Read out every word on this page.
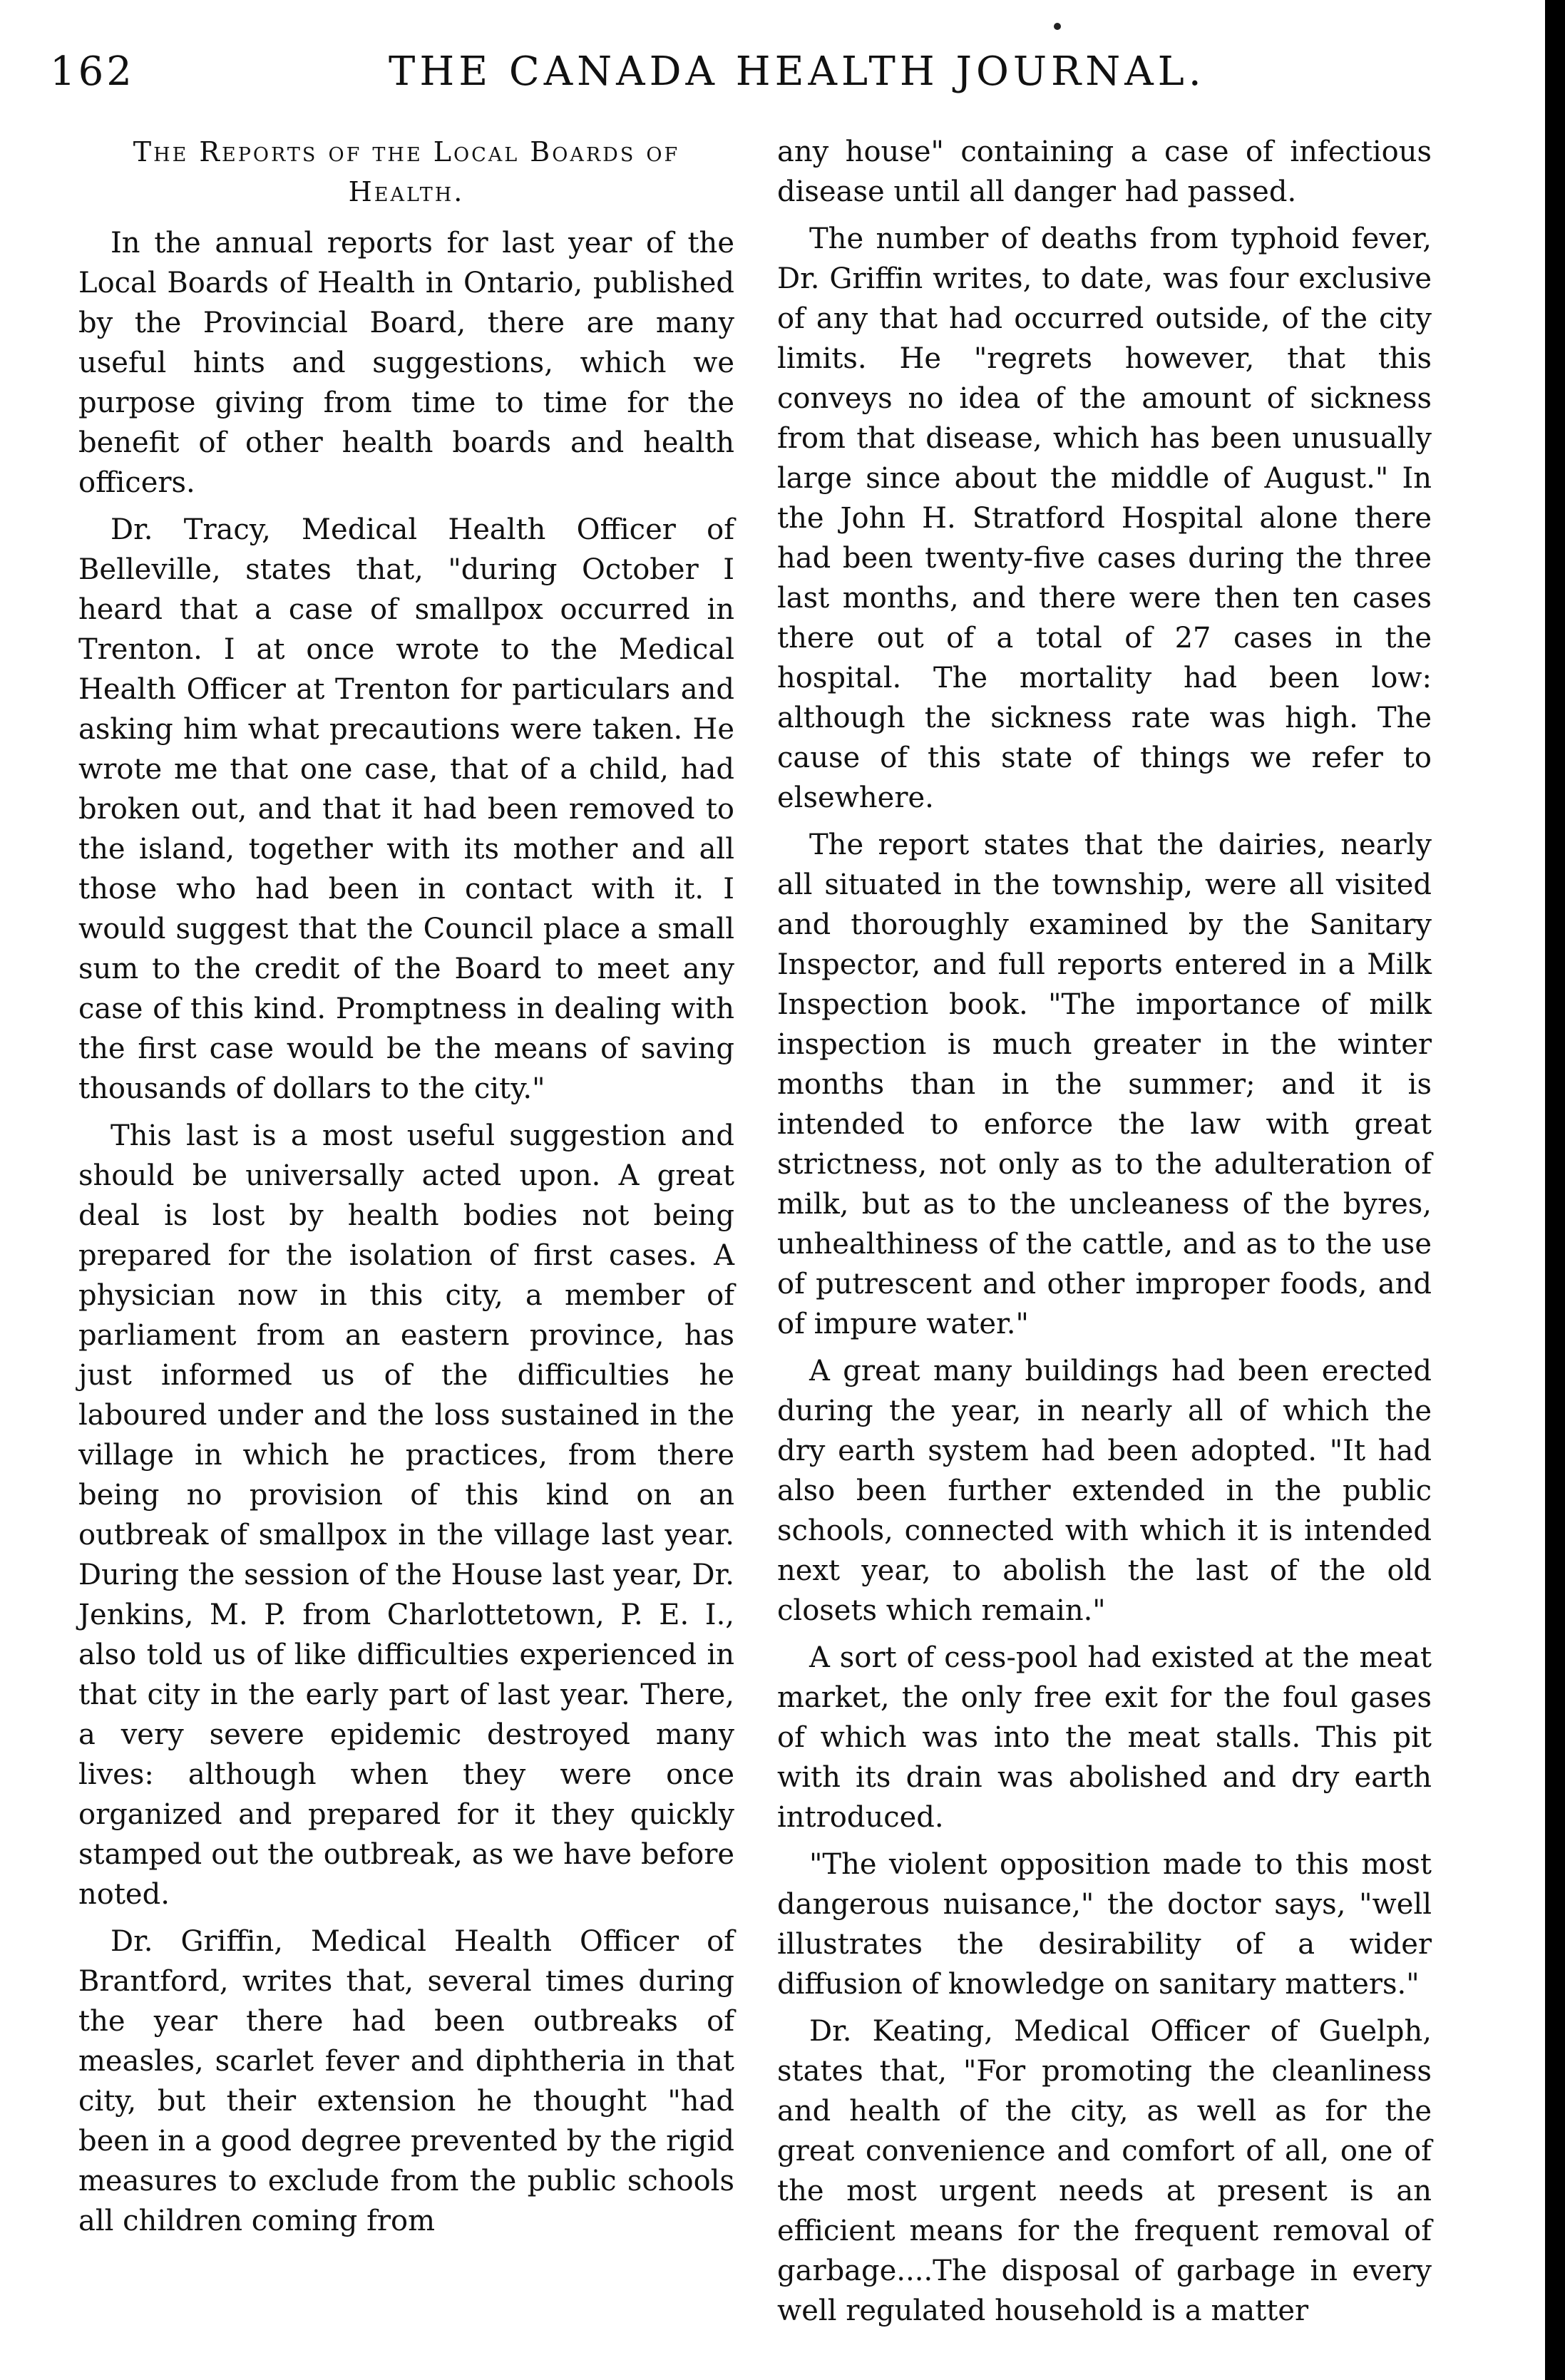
162	THE CANADA HEALTH JOURNAL.
The Reports of the Local Boards of Health.

In the annual reports for last year of the Local Boards of Health in Ontario, published by the Provincial Board, there are many useful hints and suggestions, which we purpose giving from time to time for the benefit of other health boards and health officers.

Dr. Tracy, Medical Health Officer of Belleville, states that, "during October I heard that a case of smallpox occurred in Trenton. I at once wrote to the Medical Health Officer at Trenton for particulars and asking him what precautions were taken. He wrote me that one case, that of a child, had broken out, and that it had been removed to the island, together with its mother and all those who had been in contact with it. I would suggest that the Council place a small sum to the credit of the Board to meet any case of this kind. Promptness in dealing with the first case would be the means of saving thousands of dollars to the city."

This last is a most useful suggestion and should be universally acted upon. A great deal is lost by health bodies not being prepared for the isolation of first cases. A physician now in this city, a member of parliament from an eastern province, has just informed us of the difficulties he laboured under and the loss sustained in the village in which he practices, from there being no provision of this kind on an outbreak of smallpox in the village last year. During the session of the House last year, Dr. Jenkins, M. P. from Charlottetown, P. E. I., also told us of like difficulties experienced in that city in the early part of last year. There, a very severe epidemic destroyed many lives: although when they were once organized and prepared for it they quickly stamped out the outbreak, as we have before noted.

Dr. Griffin, Medical Health Officer of Brantford, writes that, several times during the year there had been outbreaks of measles, scarlet fever and diphtheria in that city, but their extension he thought "had been in a good degree prevented by the rigid measures to exclude from the public schools all children coming from

any house" containing a case of infectious disease until all danger had passed.

The number of deaths from typhoid fever, Dr. Griffin writes, to date, was four exclusive of any that had occurred outside, of the city limits. He "regrets however, that this conveys no idea of the amount of sickness from that disease, which has been unusually large since about the middle of August." In the John H. Stratford Hospital alone there had been twenty-five cases during the three last months, and there were then ten cases there out of a total of 27 cases in the hospital. The mortality had been low: although the sickness rate was high. The cause of this state of things we refer to elsewhere.

The report states that the dairies, nearly all situated in the township, were all visited and thoroughly examined by the Sanitary Inspector, and full reports entered in a Milk Inspection book. "The importance of milk inspection is much greater in the winter months than in the summer; and it is intended to enforce the law with great strictness, not only as to the adulteration of milk, but as to the uncleaness of the byres, unhealthiness of the cattle, and as to the use of putrescent and other improper foods, and of impure water."

A great many buildings had been erected during the year, in nearly all of which the dry earth system had been adopted. "It had also been further extended in the public schools, connected with which it is intended next year, to abolish the last of the old closets which remain."

A sort of cess-pool had existed at the meat market, the only free exit for the foul gases of which was into the meat stalls. This pit with its drain was abolished and dry earth introduced.

"The violent opposition made to this most dangerous nuisance," the doctor says, "well illustrates the desirability of a wider diffusion of knowledge on sanitary matters."

Dr. Keating, Medical Officer of Guelph, states that, "For promoting the cleanliness and health of the city, as well as for the great convenience and comfort of all, one of the most urgent needs at present is an efficient means for the frequent removal of garbage....The disposal of garbage in every well regulated household is a matter
